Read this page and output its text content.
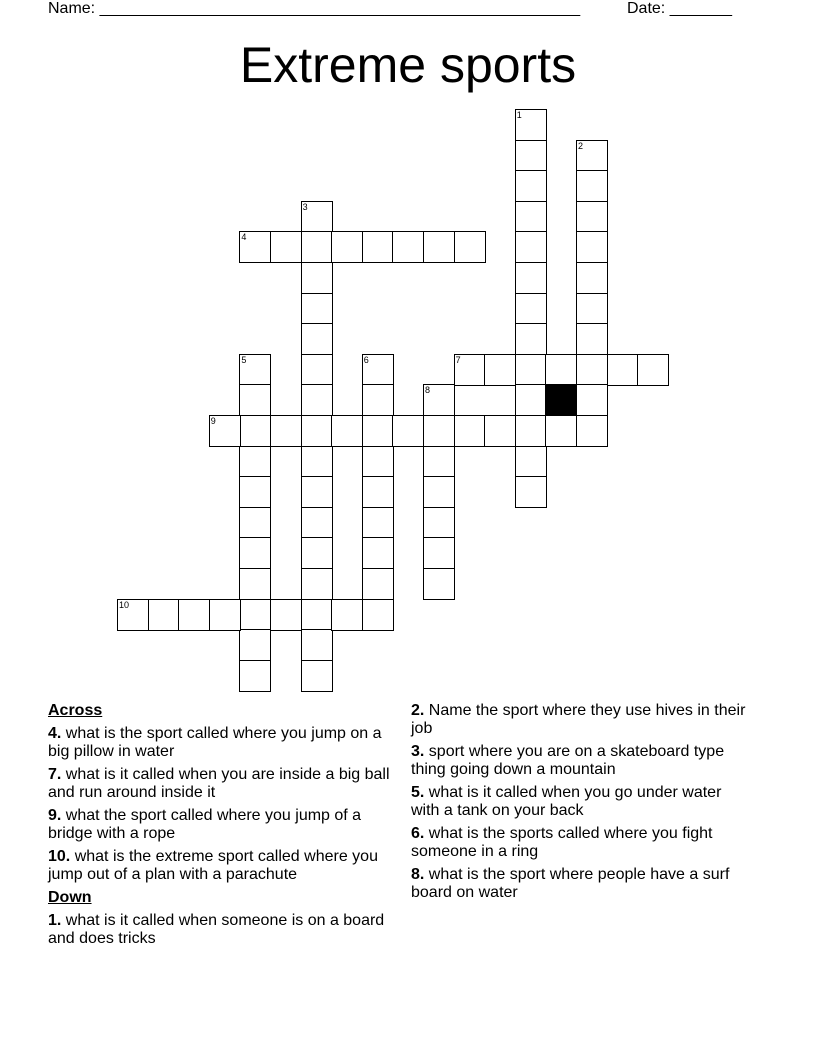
Name: ______________________________________________________	Date: _______
Extreme sports
1
2
3
4
5	6	7
8
9
10
Across
4. what is the sport called where you jump on a big pillow in water
7. what is it called when you are inside a big ball and run around inside it
9. what the sport called where you jump of a bridge with a rope
10. what is the extreme sport called where you jump out of a plan with a parachute
Down
1. what is it called when someone is on a board and does tricks
2. Name the sport where they use hives in their job
3. sport where you are on a skateboard type thing going down a mountain
5. what is it called when you go under water with a tank on your back
6. what is the sports called where you fight someone in a ring
8. what is the sport where people have a surf board on water
